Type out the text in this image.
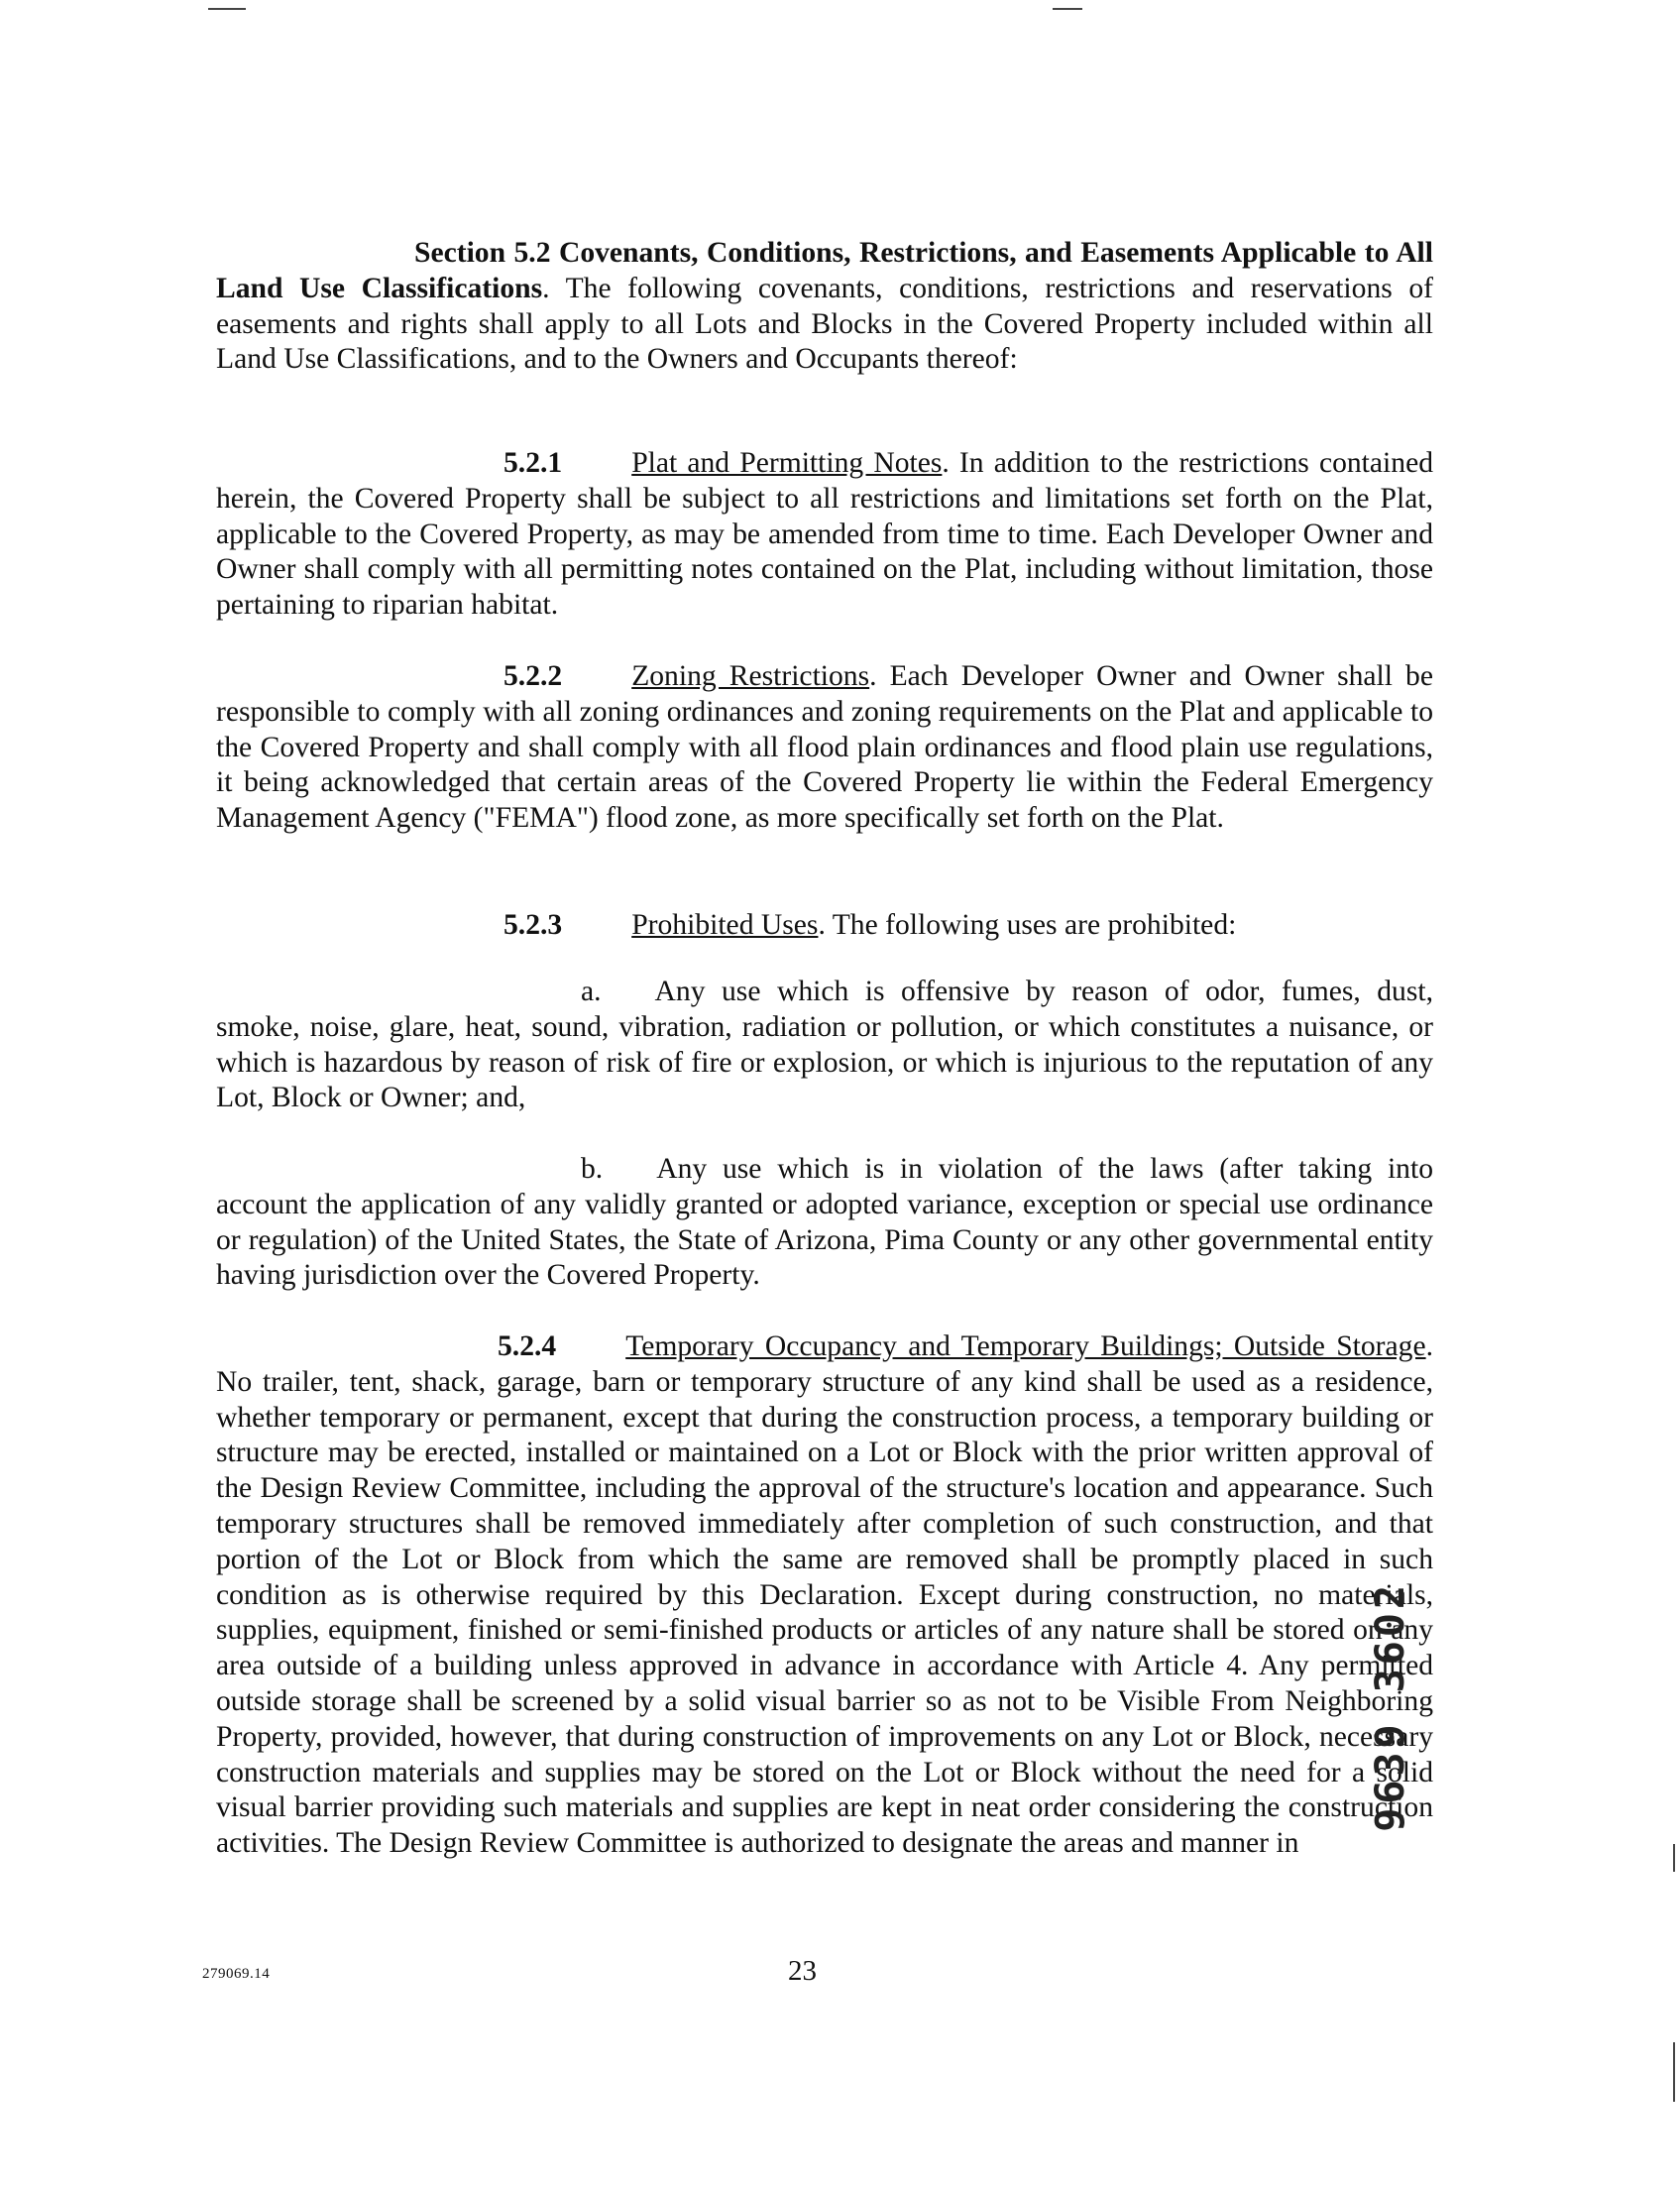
Section 5.2 Covenants, Conditions, Restrictions, and Easements Applicable to All Land Use Classifications. The following covenants, conditions, restrictions and reservations of easements and rights shall apply to all Lots and Blocks in the Covered Property included within all Land Use Classifications, and to the Owners and Occupants thereof:
5.2.1 Plat and Permitting Notes. In addition to the restrictions contained herein, the Covered Property shall be subject to all restrictions and limitations set forth on the Plat, applicable to the Covered Property, as may be amended from time to time. Each Developer Owner and Owner shall comply with all permitting notes contained on the Plat, including without limitation, those pertaining to riparian habitat.
5.2.2 Zoning Restrictions. Each Developer Owner and Owner shall be responsible to comply with all zoning ordinances and zoning requirements on the Plat and applicable to the Covered Property and shall comply with all flood plain ordinances and flood plain use regulations, it being acknowledged that certain areas of the Covered Property lie within the Federal Emergency Management Agency ("FEMA") flood zone, as more specifically set forth on the Plat.
5.2.3 Prohibited Uses. The following uses are prohibited:
a. Any use which is offensive by reason of odor, fumes, dust, smoke, noise, glare, heat, sound, vibration, radiation or pollution, or which constitutes a nuisance, or which is hazardous by reason of risk of fire or explosion, or which is injurious to the reputation of any Lot, Block or Owner; and,
b. Any use which is in violation of the laws (after taking into account the application of any validly granted or adopted variance, exception or special use ordinance or regulation) of the United States, the State of Arizona, Pima County or any other governmental entity having jurisdiction over the Covered Property.
5.2.4 Temporary Occupancy and Temporary Buildings; Outside Storage. No trailer, tent, shack, garage, barn or temporary structure of any kind shall be used as a residence, whether temporary or permanent, except that during the construction process, a temporary building or structure may be erected, installed or maintained on a Lot or Block with the prior written approval of the Design Review Committee, including the approval of the structure's location and appearance. Such temporary structures shall be removed immediately after completion of such construction, and that portion of the Lot or Block from which the same are removed shall be promptly placed in such condition as is otherwise required by this Declaration. Except during construction, no materials, supplies, equipment, finished or semi-finished products or articles of any nature shall be stored on any area outside of a building unless approved in advance in accordance with Article 4. Any permitted outside storage shall be screened by a solid visual barrier so as not to be Visible From Neighboring Property, provided, however, that during construction of improvements on any Lot or Block, necessary construction materials and supplies may be stored on the Lot or Block without the need for a solid visual barrier providing such materials and supplies are kept in neat order considering the construction activities. The Design Review Committee is authorized to designate the areas and manner in
279069.14	23
9639 3602
